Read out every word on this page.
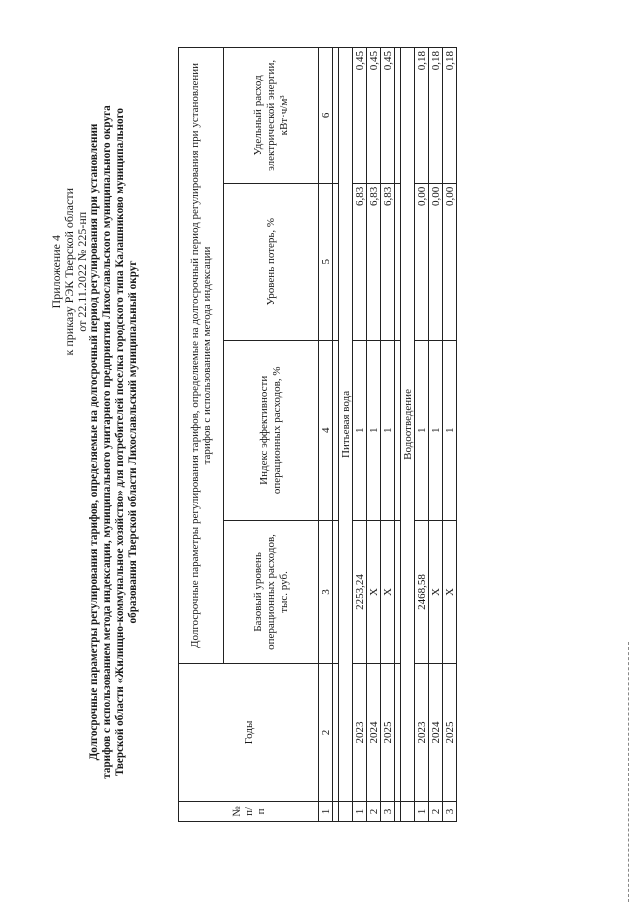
Приложение 4 к приказу РЭК Тверской области от 22.11.2022 № 225-нп Долгосрочные параметры регулирования тарифов, определяемые на долгосрочный период регулирования при установлении тарифов с использованием метода индексации, муниципального унитарного предприятия Лихославльского муниципального округа Тверской области «Жилищно-коммунальное хозяйство» для потребителей поселка городского типа Калашниково муниципального образования Тверской области Лихославльский муниципальный округ
№ п/п	Годы	Долгосрочные параметры регулирования тарифов, определяемые на долгосрочный период регулирования при установлении тарифов с использованием метода индексации			
		Базовый уровень операционных расходов, тыс. руб.	Индекс эффективности операционных расходов, %	Уровень потерь, %	Удельный расход электрической энергии, кВт·ч/м³
1	2	3	4	5	6

	Питьевая вода				
1	2023	2253,24	1	6,83	0,45
2	2024	X	1	6,83	0,45
3	2025	X	1	6,83	0,45

	Водоотведение				
1	2023	2468,58	1	0,00	0,18
2	2024	X	1	0,00	0,18
3	2025	X	1	0,00	0,18
